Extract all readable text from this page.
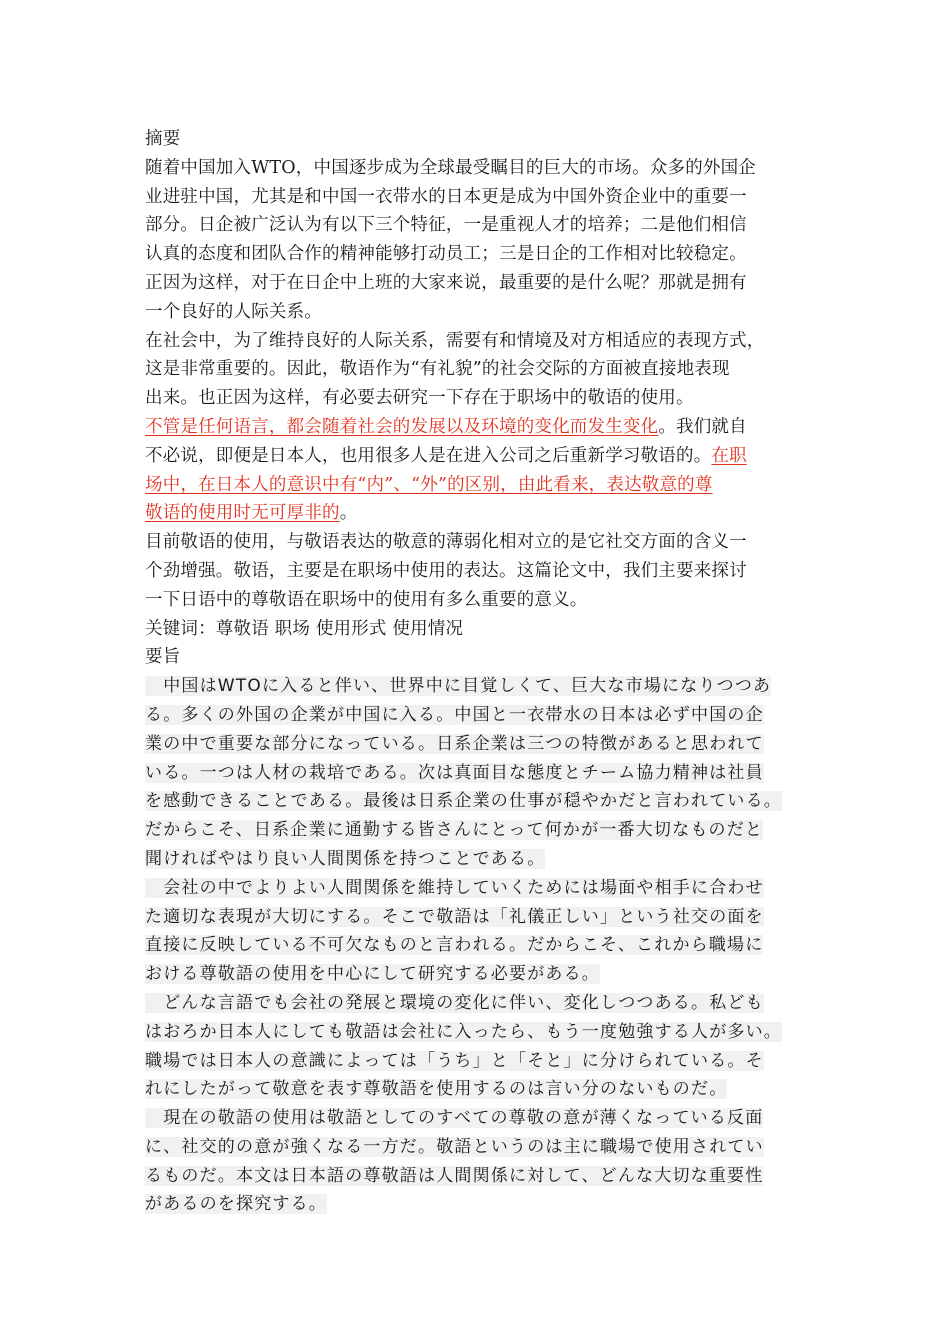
摘要
随着中国加入WTO，中国逐步成为全球最受瞩目的巨大的市场。众多的外国企
业进驻中国，尤其是和中国一衣带水的日本更是成为中国外资企业中的重要一
部分。日企被广泛认为有以下三个特征，一是重视人才的培养；二是他们相信
认真的态度和团队合作的精神能够打动员工；三是日企的工作相对比较稳定。
正因为这样，对于在日企中上班的大家来说，最重要的是什么呢？那就是拥有
一个良好的人际关系。
在社会中，为了维持良好的人际关系，需要有和情境及对方相适应的表现方式，
这是非常重要的。因此，敬语作为“有礼貌”的社会交际的方面被直接地表现
出来。也正因为这样，有必要去研究一下存在于职场中的敬语的使用。
不管是任何语言，都会随着社会的发展以及环境的变化而发生变化。我们就自
不必说，即便是日本人，也用很多人是在进入公司之后重新学习敬语的。在职
场中，在日本人的意识中有“内”、“外”的区别，由此看来，表达敬意的尊
敬语的使用时无可厚非的。
目前敬语的使用，与敬语表达的敬意的薄弱化相对立的是它社交方面的含义一
个劲增强。敬语，主要是在职场中使用的表达。这篇论文中，我们主要来探讨
一下日语中的尊敬语在职场中的使用有多么重要的意义。
关键词：尊敬语 职场 使用形式 使用情况
要旨
　中国はWTOに入ると伴い、世界中に目覚しくて、巨大な市場になりつつあ
る。多くの外国の企業が中国に入る。中国と一衣帯水の日本は必ず中国の企
業の中で重要な部分になっている。日系企業は三つの特徴があると思われて
いる。一つは人材の栽培である。次は真面目な態度とチーム協力精神は社員
を感動できることである。最後は日系企業の仕事が穏やかだと言われている。
だからこそ、日系企業に通勤する皆さんにとって何かが一番大切なものだと
聞ければやはり良い人間関係を持つことである。
　会社の中でよりよい人間関係を維持していくためには場面や相手に合わせ
た適切な表現が大切にする。そこで敬語は「礼儀正しい」という社交の面を
直接に反映している不可欠なものと言われる。だからこそ、これから職場に
おける尊敬語の使用を中心にして研究する必要がある。
　どんな言語でも会社の発展と環境の変化に伴い、変化しつつある。私ども
はおろか日本人にしても敬語は会社に入ったら、もう一度勉強する人が多い。
職場では日本人の意識によっては「うち」と「そと」に分けられている。そ
れにしたがって敬意を表す尊敬語を使用するのは言い分のないものだ。
　現在の敬語の使用は敬語としてのすべての尊敬の意が薄くなっている反面
に、社交的の意が強くなる一方だ。敬語というのは主に職場で使用されてい
るものだ。本文は日本語の尊敬語は人間関係に対して、どんな大切な重要性
があるのを探究する。
